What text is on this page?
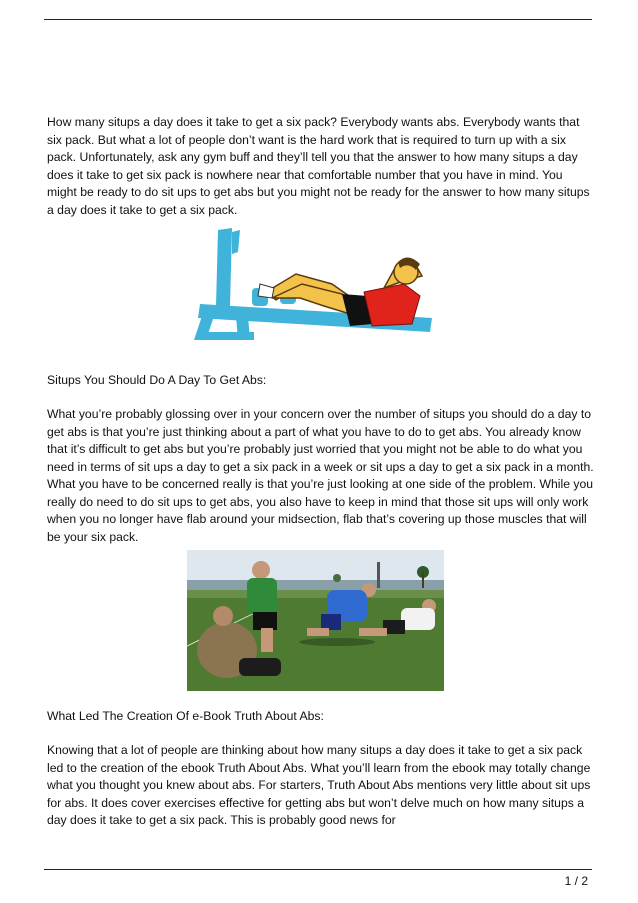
How many situps a day does it take to get a six pack? Everybody wants abs. Everybody wants that six pack. But what a lot of people don’t want is the hard work that is required to turn up with a six pack. Unfortunately, ask any gym buff and they’ll tell you that the answer to how many situps a day does it take to get six pack is nowhere near that comfortable number that you have in mind. You might be ready to do sit ups to get abs but you might not be ready for the answer to how many situps a day does it take to get a six pack.

Situps You Should Do A Day To Get Abs:

What you’re probably glossing over in your concern over the number of situps you should do a day to get abs is that you’re just thinking about a part of what you have to do to get abs. You already know that it’s difficult to get abs but you’re probably just worried that you might not be able to do what you need in terms of sit ups a day to get a six pack in a week or sit ups a day to get a six pack in a month. What you have to be concerned really is that you’re just looking at one side of the problem. While you really do need to do sit ups to get abs, you also have to keep in mind that those sit ups will only work when you no longer have flab around your midsection, flab that’s covering up those muscles that will be your six pack.

What Led The Creation Of e-Book Truth About Abs:

Knowing that a lot of people are thinking about how many situps a day does it take to get a six pack led to the creation of the ebook Truth About Abs. What you’ll learn from the ebook may totally change what you thought you knew about abs. For starters, Truth About Abs mentions very little about sit ups for abs. It does cover exercises effective for getting abs but won’t delve much on how many situps a day does it take to get a six pack. This is probably good news for

1 / 2
